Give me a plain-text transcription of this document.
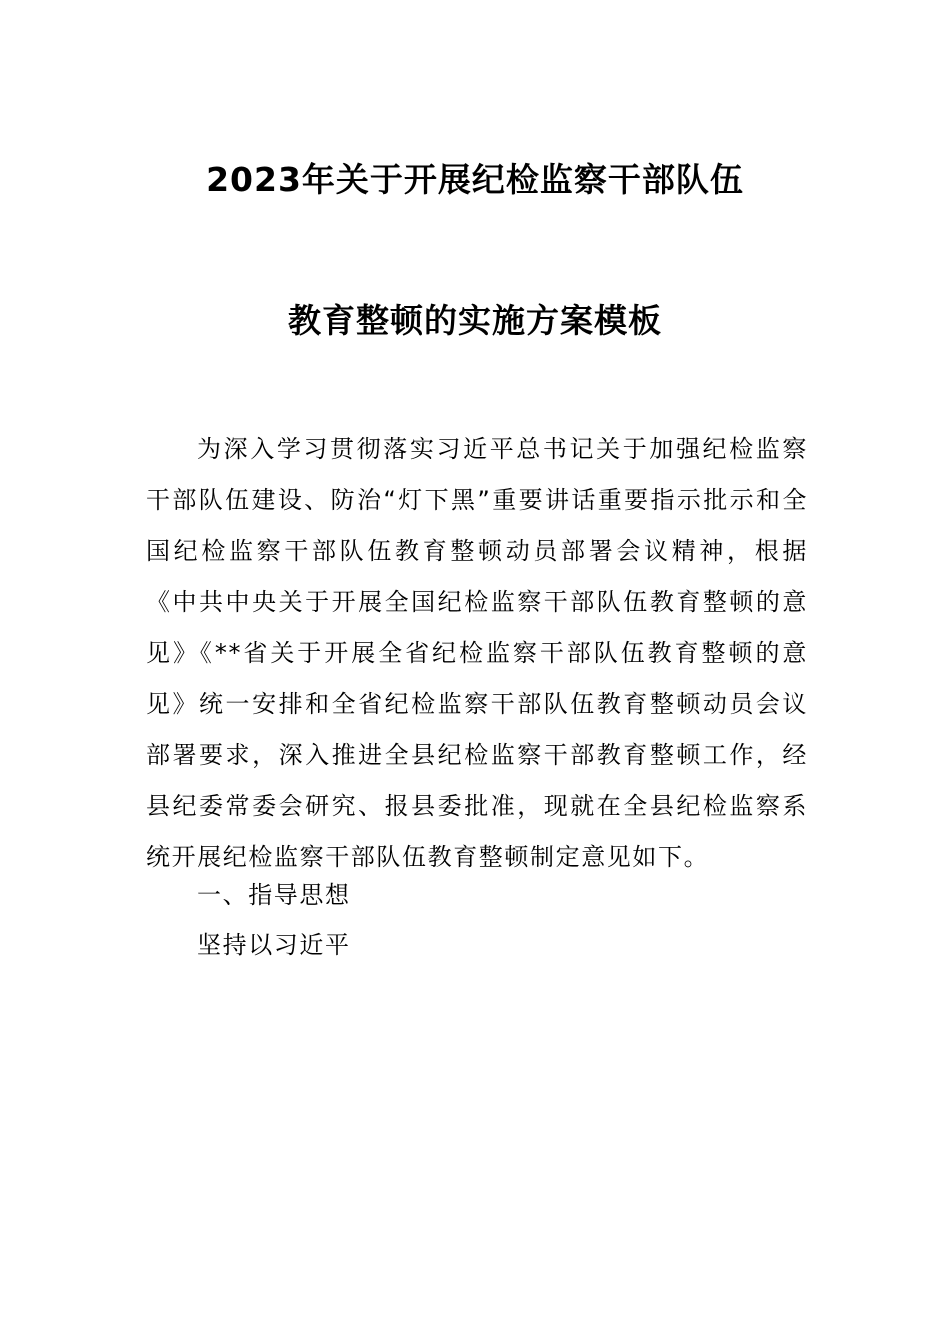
2023年关于开展纪检监察干部队伍
教育整顿的实施方案模板

为深入学习贯彻落实习近平总书记关于加强纪检监察干部队伍建设、防治“灯下黑”重要讲话重要指示批示和全国纪检监察干部队伍教育整顿动员部署会议精神，根据《中共中央关于开展全国纪检监察干部队伍教育整顿的意见》《**省关于开展全省纪检监察干部队伍教育整顿的意见》统一安排和全省纪检监察干部队伍教育整顿动员会议部署要求，深入推进全县纪检监察干部教育整顿工作，经县纪委常委会研究、报县委批准，现就在全县纪检监察系统开展纪检监察干部队伍教育整顿制定意见如下。

一、指导思想

坚持以习近平
